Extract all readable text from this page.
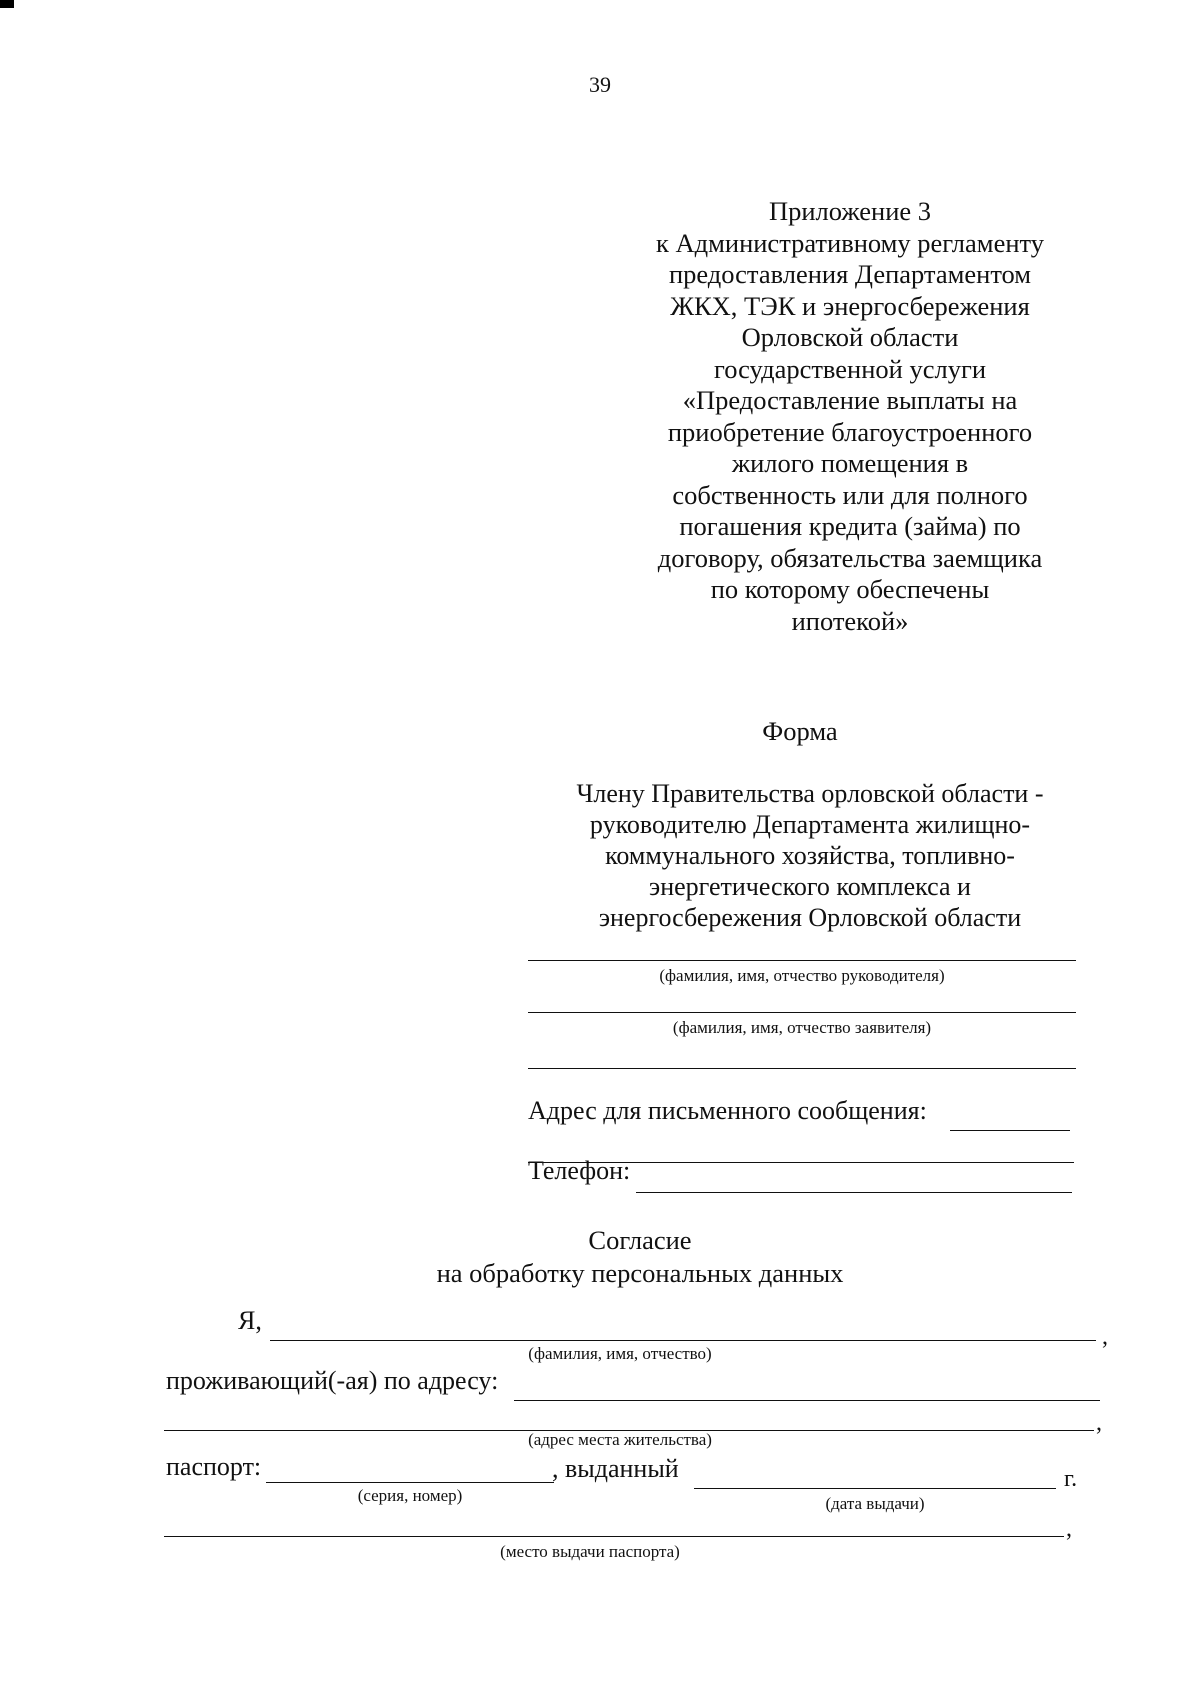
39
Приложение 3
к Административному регламенту
предоставления Департаментом
ЖКХ, ТЭК и энергосбережения
Орловской области
государственной услуги
«Предоставление выплаты на
приобретение благоустроенного
жилого помещения в
собственность или для полного
погашения кредита (займа) по
договору, обязательства заемщика
по которому обеспечены
ипотекой»
Форма
Члену Правительства орловской области -
руководителю Департамента жилищно-
коммунального хозяйства, топливно-
энергетического комплекса и
энергосбережения Орловской области
(фамилия, имя, отчество руководителя)
(фамилия, имя, отчество заявителя)
Адрес для письменного сообщения:
Телефон:
Согласие
на обработку персональных данных
Я,
,
(фамилия, имя, отчество)
проживающий(-ая) по адресу:
,
(адрес места жительства)
паспорт:
(серия, номер)
, выданный	г.
(дата выдачи)
,
(место выдачи паспорта)
